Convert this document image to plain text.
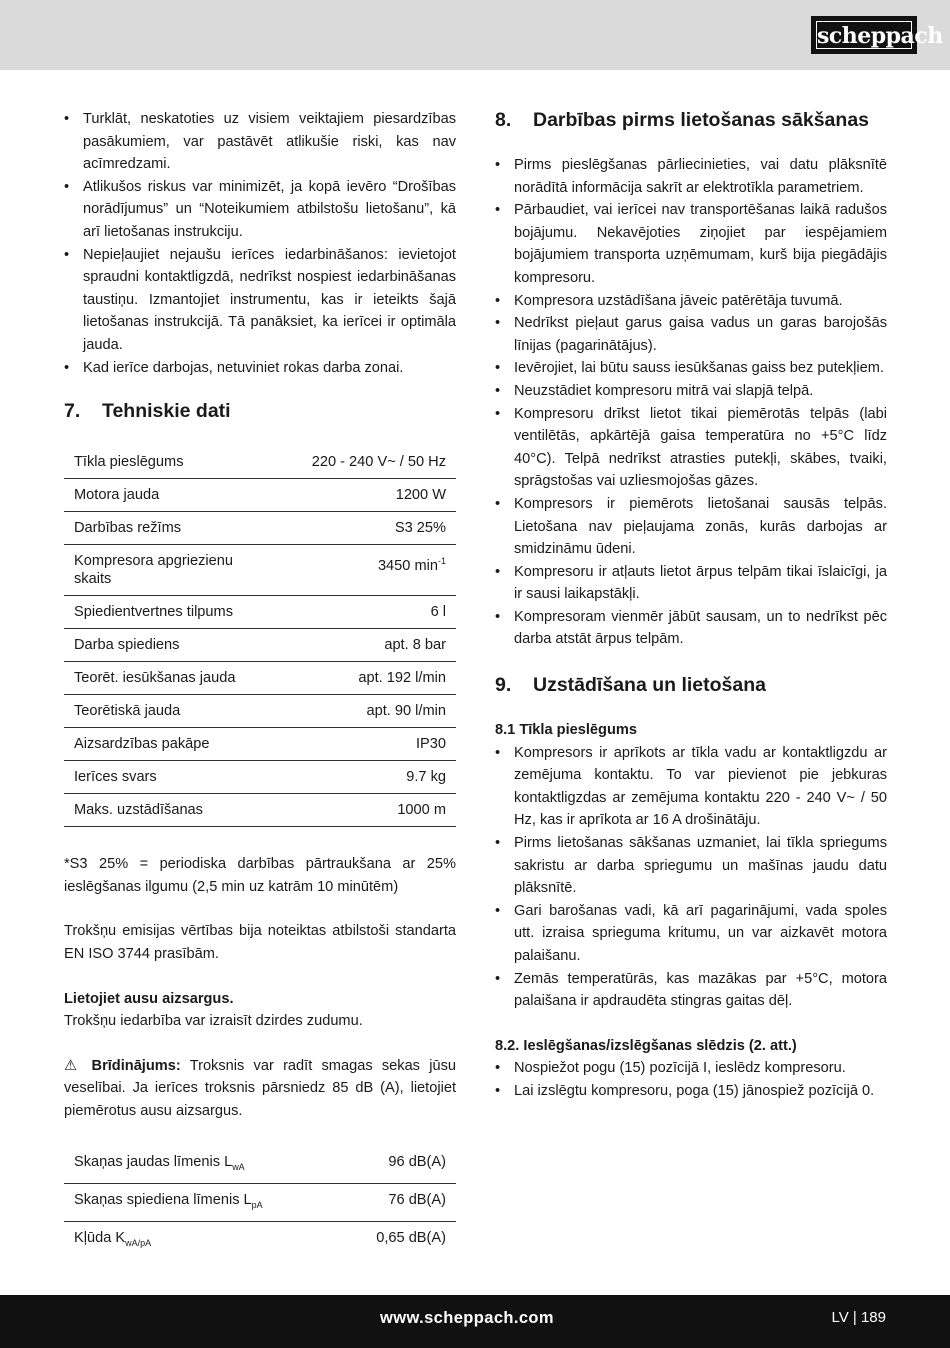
scheppach
• Turklāt, neskatoties uz visiem veiktajiem piesardzības pasākumiem, var pastāvēt atlikušie riski, kas nav acīmredzami.
• Atlikušos riskus var minimizēt, ja kopā ievēro “Drošības norādījumus” un “Noteikumiem atbilstošu lietošanu”, kā arī lietošanas instrukciju.
• Nepieļaujiet nejaušu ierīces iedarbināšanos: ievietojot spraudni kontaktligzdā, nedrīkst nospiest iedarbināšanas taustiņu. Izmantojiet instrumentu, kas ir ieteikts šajā lietošanas instrukcijā. Tā panāksiet, ka ierīcei ir optimāla jauda.
• Kad ierīce darbojas, netuviniet rokas darba zonai.
7.	Tehniskie dati
Tīkla pieslēgums	220 - 240 V~ / 50 Hz
Motora jauda	1200 W
Darbības režīms	S3 25%
Kompresora apgriezienu skaits	3450 $\min^{-1}$
Spiedientvertnes tilpums	6 l
Darba spiediens	apt. 8 bar
Teorēt. iesūkšanas jauda	apt. 192 l/min
Teorētiskā jauda	apt. 90 l/min
Aizsardzības pakāpe	IP30
Ierīces svars	9.7 kg
Maks. uzstādīšanas	1000 m

*S3 25% = periodiska darbības pārtraukšana ar 25% ieslēgšanas ilgumu (2,5 min uz katrām 10 minūtēm)

Trokšņu emisijas vērtības bija noteiktas atbilstoši standarta EN ISO 3744 prasībām.

Lietojiet ausu aizsargus.

Trokšņu iedarbība var izraisīt dzirdes zudumu.

⚠ Brīdinājums: Troksnis var radīt smagas sekas jūsu veselībai. Ja ierīces troksnis pārsniedz 85 dB (A), lietojiet piemērotus ausu aizsargus.

Skaņas jaudas līmenis $L_{wA}$	96 dB(A)
Skaņas spiediena līmenis $L_{pA}$	76 dB(A)
Kļūda $K_{wA/pA}$	0,65 dB(A)
8.	Darbības pirms lietošanas sākšanas
• Pirms pieslēgšanas pārliecinieties, vai datu plāksnītē norādītā informācija sakrīt ar elektrotīkla parametriem.
• Pārbaudiet, vai ierīcei nav transportēšanas laikā radušos bojājumu. Nekavējoties ziņojiet par iespējamiem bojājumiem transporta uzņēmumam, kurš bija piegādājis kompresoru.
• Kompresora uzstādīšana jāveic patērētāja tuvumā.
• Nedrīkst pieļaut garus gaisa vadus un garas barojošās līnijas (pagarinātājus).
• Ievērojiet, lai būtu sauss iesūkšanas gaiss bez putekļiem.
• Neuzstādiet kompresoru mitrā vai slapjā telpā.
• Kompresoru drīkst lietot tikai piemērotās telpās (labi ventilētās, apkārtējā gaisa temperatūra no +5°C līdz 40°C). Telpā nedrīkst atrasties putekļi, skābes, tvaiki, sprāgstošas vai uzliesmojošas gāzes.
• Kompresors ir piemērots lietošanai sausās telpās. Lietošana nav pieļaujama zonās, kurās darbojas ar smidzināmu ūdeni.
• Kompresoru ir atļauts lietot ārpus telpām tikai īslaicīgi, ja ir sausi laikapstākļi.
• Kompresoram vienmēr jābūt sausam, un to nedrīkst pēc darba atstāt ārpus telpām.
9.	Uzstādīšana un lietošana

8.1 Tīkla pieslēgums

• Kompresors ir aprīkots ar tīkla vadu ar kontaktligzdu ar zemējuma kontaktu. To var pievienot pie jebkuras kontaktligzdas ar zemējuma kontaktu 220 - 240 V~ / 50 Hz, kas ir aprīkota ar 16 A drošinātāju.
• Pirms lietošanas sākšanas uzmaniet, lai tīkla spriegums sakristu ar darba spriegumu un mašīnas jaudu datu plāksnītē.
• Gari barošanas vadi, kā arī pagarinājumi, vada spoles utt. izraisa sprieguma kritumu, un var aizkavēt motora palaišanu.
• Zemās temperatūrās, kas mazākas par +5°C, motora palaišana ir apdraudēta stingras gaitas dēļ.

8.2. Ieslēgšanas/izslēgšanas slēdzis (2. att.)

• Nospiežot pogu (15) pozīcijā I, ieslēdz kompresoru.
• Lai izslēgtu kompresoru, poga (15) jānospiež pozīcijā 0.
www.scheppach.com	LV | 189
